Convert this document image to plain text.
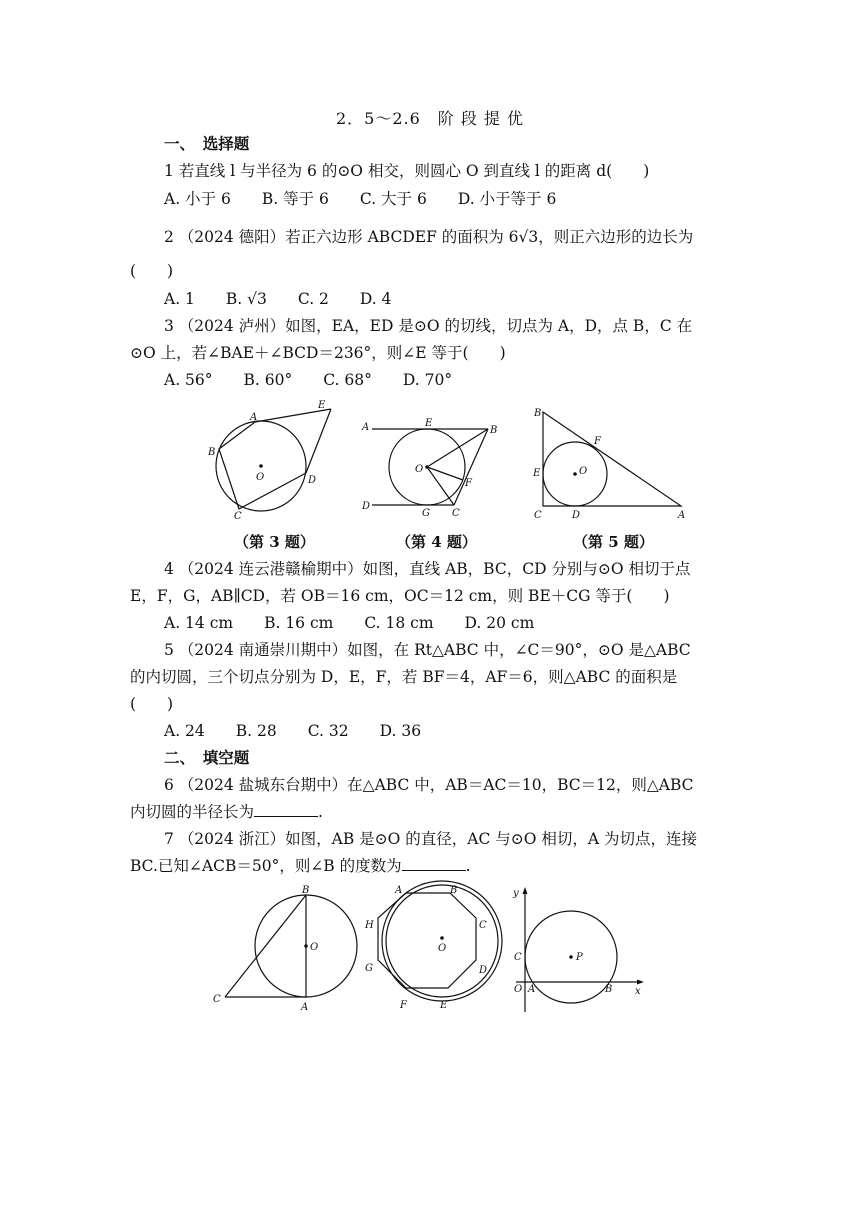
2．5～2.6　阶 段 提 优
一、　选择题
1 若直线 l 与半径为 6 的⊙O 相交，则圆心 O 到直线 l 的距离 d(　　)
A. 小于 6　　B. 等于 6　　C. 大于 6　　D. 小于等于 6
2 （2024 德阳）若正六边形 ABCDEF 的面积为 6√3，则正六边形的边长为
(　　)
A. 1　　B. √3　　C. 2　　D. 4
3 （2024 泸州）如图，EA，ED 是⊙O 的切线，切点为 A，D，点 B，C 在
⊙O 上，若∠BAE＋∠BCD＝236°，则∠E 等于(　　)
A. 56°　　B. 60°　　C. 68°　　D. 70°
A
B
C
D
E
O
A	B
C
D
E
F
G
O
A
B
C	D
E
F
O
（第 3 题）	（第 4 题）	（第 5 题）
4 （2024 连云港赣榆期中）如图，直线 AB，BC，CD 分别与⊙O 相切于点
E，F，G，AB∥CD，若 OB＝16 cm，OC＝12 cm，则 BE＋CG 等于(　　)
A. 14 cm　　B. 16 cm　　C. 18 cm　　D. 20 cm
5 （2024 南通崇川期中）如图，在 Rt△ABC 中，∠C＝90°，⊙O 是△ABC
的内切圆，三个切点分别为 D，E，F，若 BF＝4，AF＝6，则△ABC 的面积是
(　　)
A. 24　　B. 28　　C. 32　　D. 36
二、　填空题
6 （2024 盐城东台期中）在△ABC 中，AB＝AC＝10，BC＝12，则△ABC
内切圆的半径长为	.
7 （2024 浙江）如图，AB 是⊙O 的直径，AC 与⊙O 相切，A 为切点，连接
BC.已知∠ACB＝50°，则∠B 的度数为	.
A
B
C
O
A	B
C
D
E
F
G
H
O
y
x
O A	B
C	P
